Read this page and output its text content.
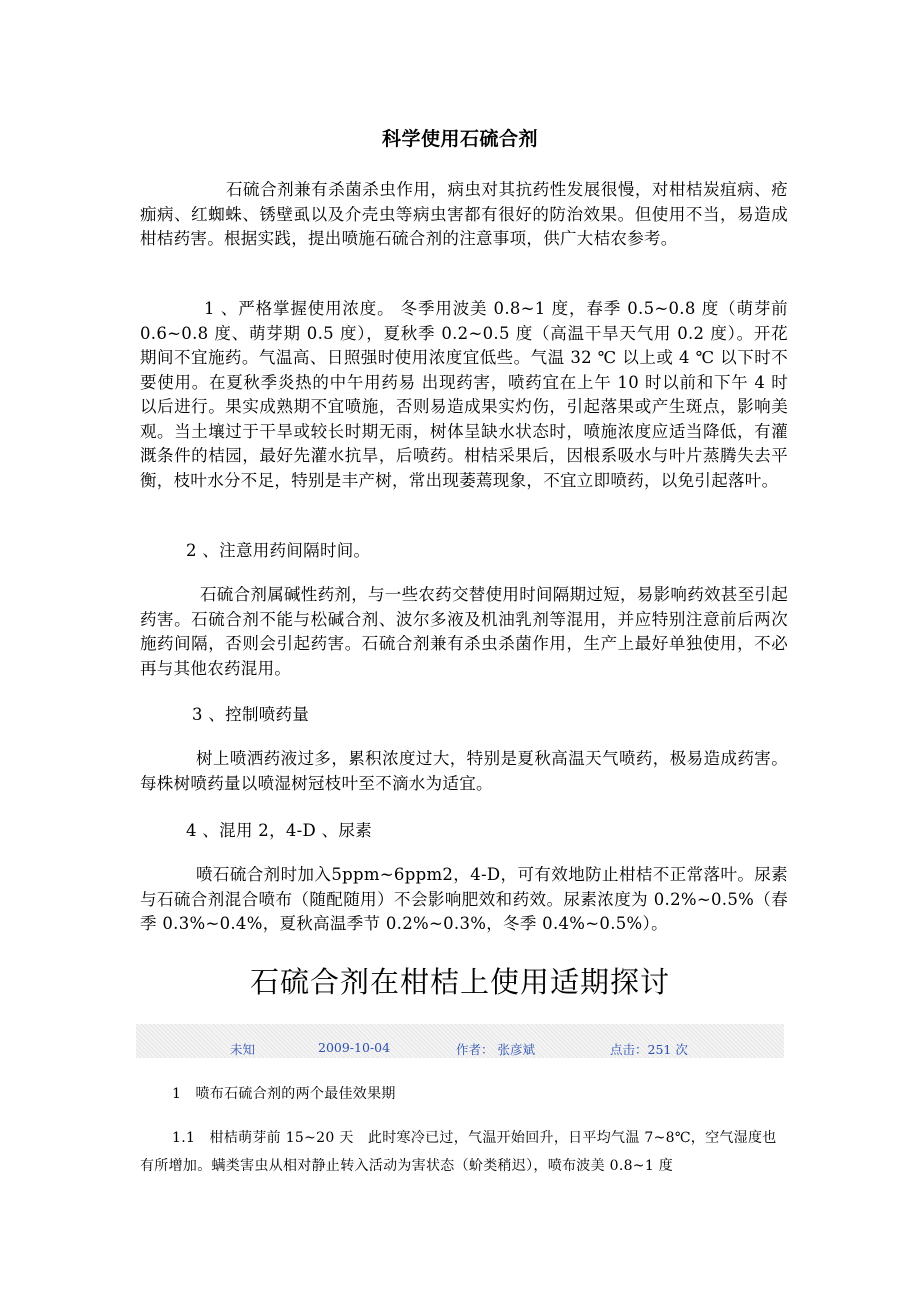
科学使用石硫合剂

石硫合剂兼有杀菌杀虫作用，病虫对其抗药性发展很慢，对柑桔炭疽病、疮痂病、红蜘蛛、锈壁虱以及介壳虫等病虫害都有很好的防治效果。但使用不当，易造成柑桔药害。根据实践，提出喷施石硫合剂的注意事项，供广大桔农参考。

1 、严格掌握使用浓度。 冬季用波美 0.8~1 度，春季 0.5~0.8 度（萌芽前 0.6~0.8 度、萌芽期 0.5 度），夏秋季 0.2~0.5 度（高温干旱天气用 0.2 度）。开花期间不宜施药。气温高、日照强时使用浓度宜低些。气温 32 ℃ 以上或 4 ℃ 以下时不要使用。在夏秋季炎热的中午用药易 出现药害，喷药宜在上午 10 时以前和下午 4 时 以后进行。果实成熟期不宜喷施，否则易造成果实灼伤，引起落果或产生斑点，影响美观。当土壤过于干旱或较长时期无雨，树体呈缺水状态时，喷施浓度应适当降低，有灌溉条件的桔园，最好先灌水抗旱，后喷药。柑桔采果后，因根系吸水与叶片蒸腾失去平衡，枝叶水分不足，特别是丰产树，常出现萎蔫现象，不宜立即喷药，以免引起落叶。

2 、注意用药间隔时间。

石硫合剂属碱性药剂，与一些农药交替使用时间隔期过短，易影响药效甚至引起药害。石硫合剂不能与松碱合剂、波尔多液及机油乳剂等混用，并应特别注意前后两次施药间隔，否则会引起药害。石硫合剂兼有杀虫杀菌作用，生产上最好单独使用，不必再与其他农药混用。

3 、控制喷药量

树上喷洒药液过多，累积浓度过大，特别是夏秋高温天气喷药，极易造成药害。每株树喷药量以喷湿树冠枝叶至不滴水为适宜。

4 、混用 2，4-D 、尿素

喷石硫合剂时加入5ppm~6ppm2，4-D，可有效地防止柑桔不正常落叶。尿素与石硫合剂混合喷布（随配随用）不会影响肥效和药效。尿素浓度为 0.2%~0.5%（春季 0.3%~0.4%，夏秋高温季节 0.2%~0.3%，冬季 0.4%~0.5%）。

石硫合剂在柑桔上使用适期探讨
未知	2009-10-04	作者： 张彦斌	点击：251 次

1　喷布石硫合剂的两个最佳效果期

1.1　柑桔萌芽前 15~20 天　此时寒冷已过，气温开始回升，日平均气温 7~8℃，空气湿度也有所增加。螨类害虫从相对静止转入活动为害状态（蚧类稍迟），喷布波美 0.8~1 度
